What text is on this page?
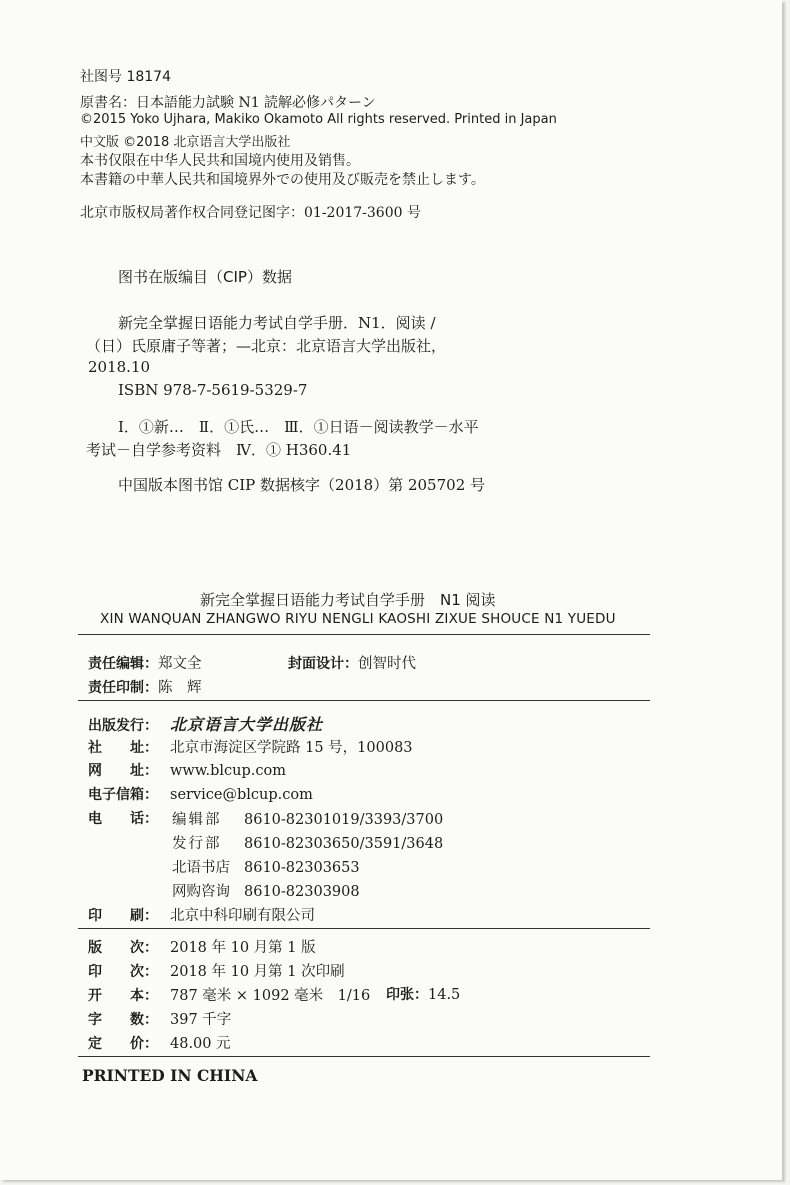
社图号 18174
原書名：日本語能力試験 N1 読解必修パターン
©2015 Yoko Ujhara, Makiko Okamoto All rights reserved. Printed in Japan
中文版 ©2018 北京语言大学出版社
本书仅限在中华人民共和国境内使用及销售。
本書籍の中華人民共和国境界外での使用及び販売を禁止します。
北京市版权局著作权合同登记图字：01-2017-3600 号
图书在版编目（CIP）数据
新完全掌握日语能力考试自学手册．N1．阅读 /
（日）氏原庸子等著；—北京：北京语言大学出版社，
2018.10
ISBN 978-7-5619-5329-7
Ⅰ．①新…　Ⅱ．①氏…　Ⅲ．①日语－阅读教学－水平
考试－自学参考资料　Ⅳ．① H360.41
中国版本图书馆 CIP 数据核字（2018）第 205702 号
新完全掌握日语能力考试自学手册　N1 阅读
XIN WANQUAN ZHANGWO RIYU NENGLI KAOSHI ZIXUE SHOUCE N1 YUEDU
责任编辑：郑文全	封面设计：创智时代
责任印制：陈　辉
出版发行： 北京语言大学出版社
社　　址： 北京市海淀区学院路 15 号，100083
网　　址： www.blcup.com
电子信箱： service@blcup.com
电　　话： 编辑部 8610-82301019/3393/3700
发行部 8610-82303650/3591/3648
北语书店 8610-82303653
网购咨询 8610-82303908
印　　刷： 北京中科印刷有限公司
版　　次： 2018 年 10 月第 1 版
印　　次： 2018 年 10 月第 1 次印刷
开　　本： 787 毫米 × 1092 毫米　1/16 印张：14.5
字　　数： 397 千字
定　　价： 48.00 元
PRINTED IN CHINA
